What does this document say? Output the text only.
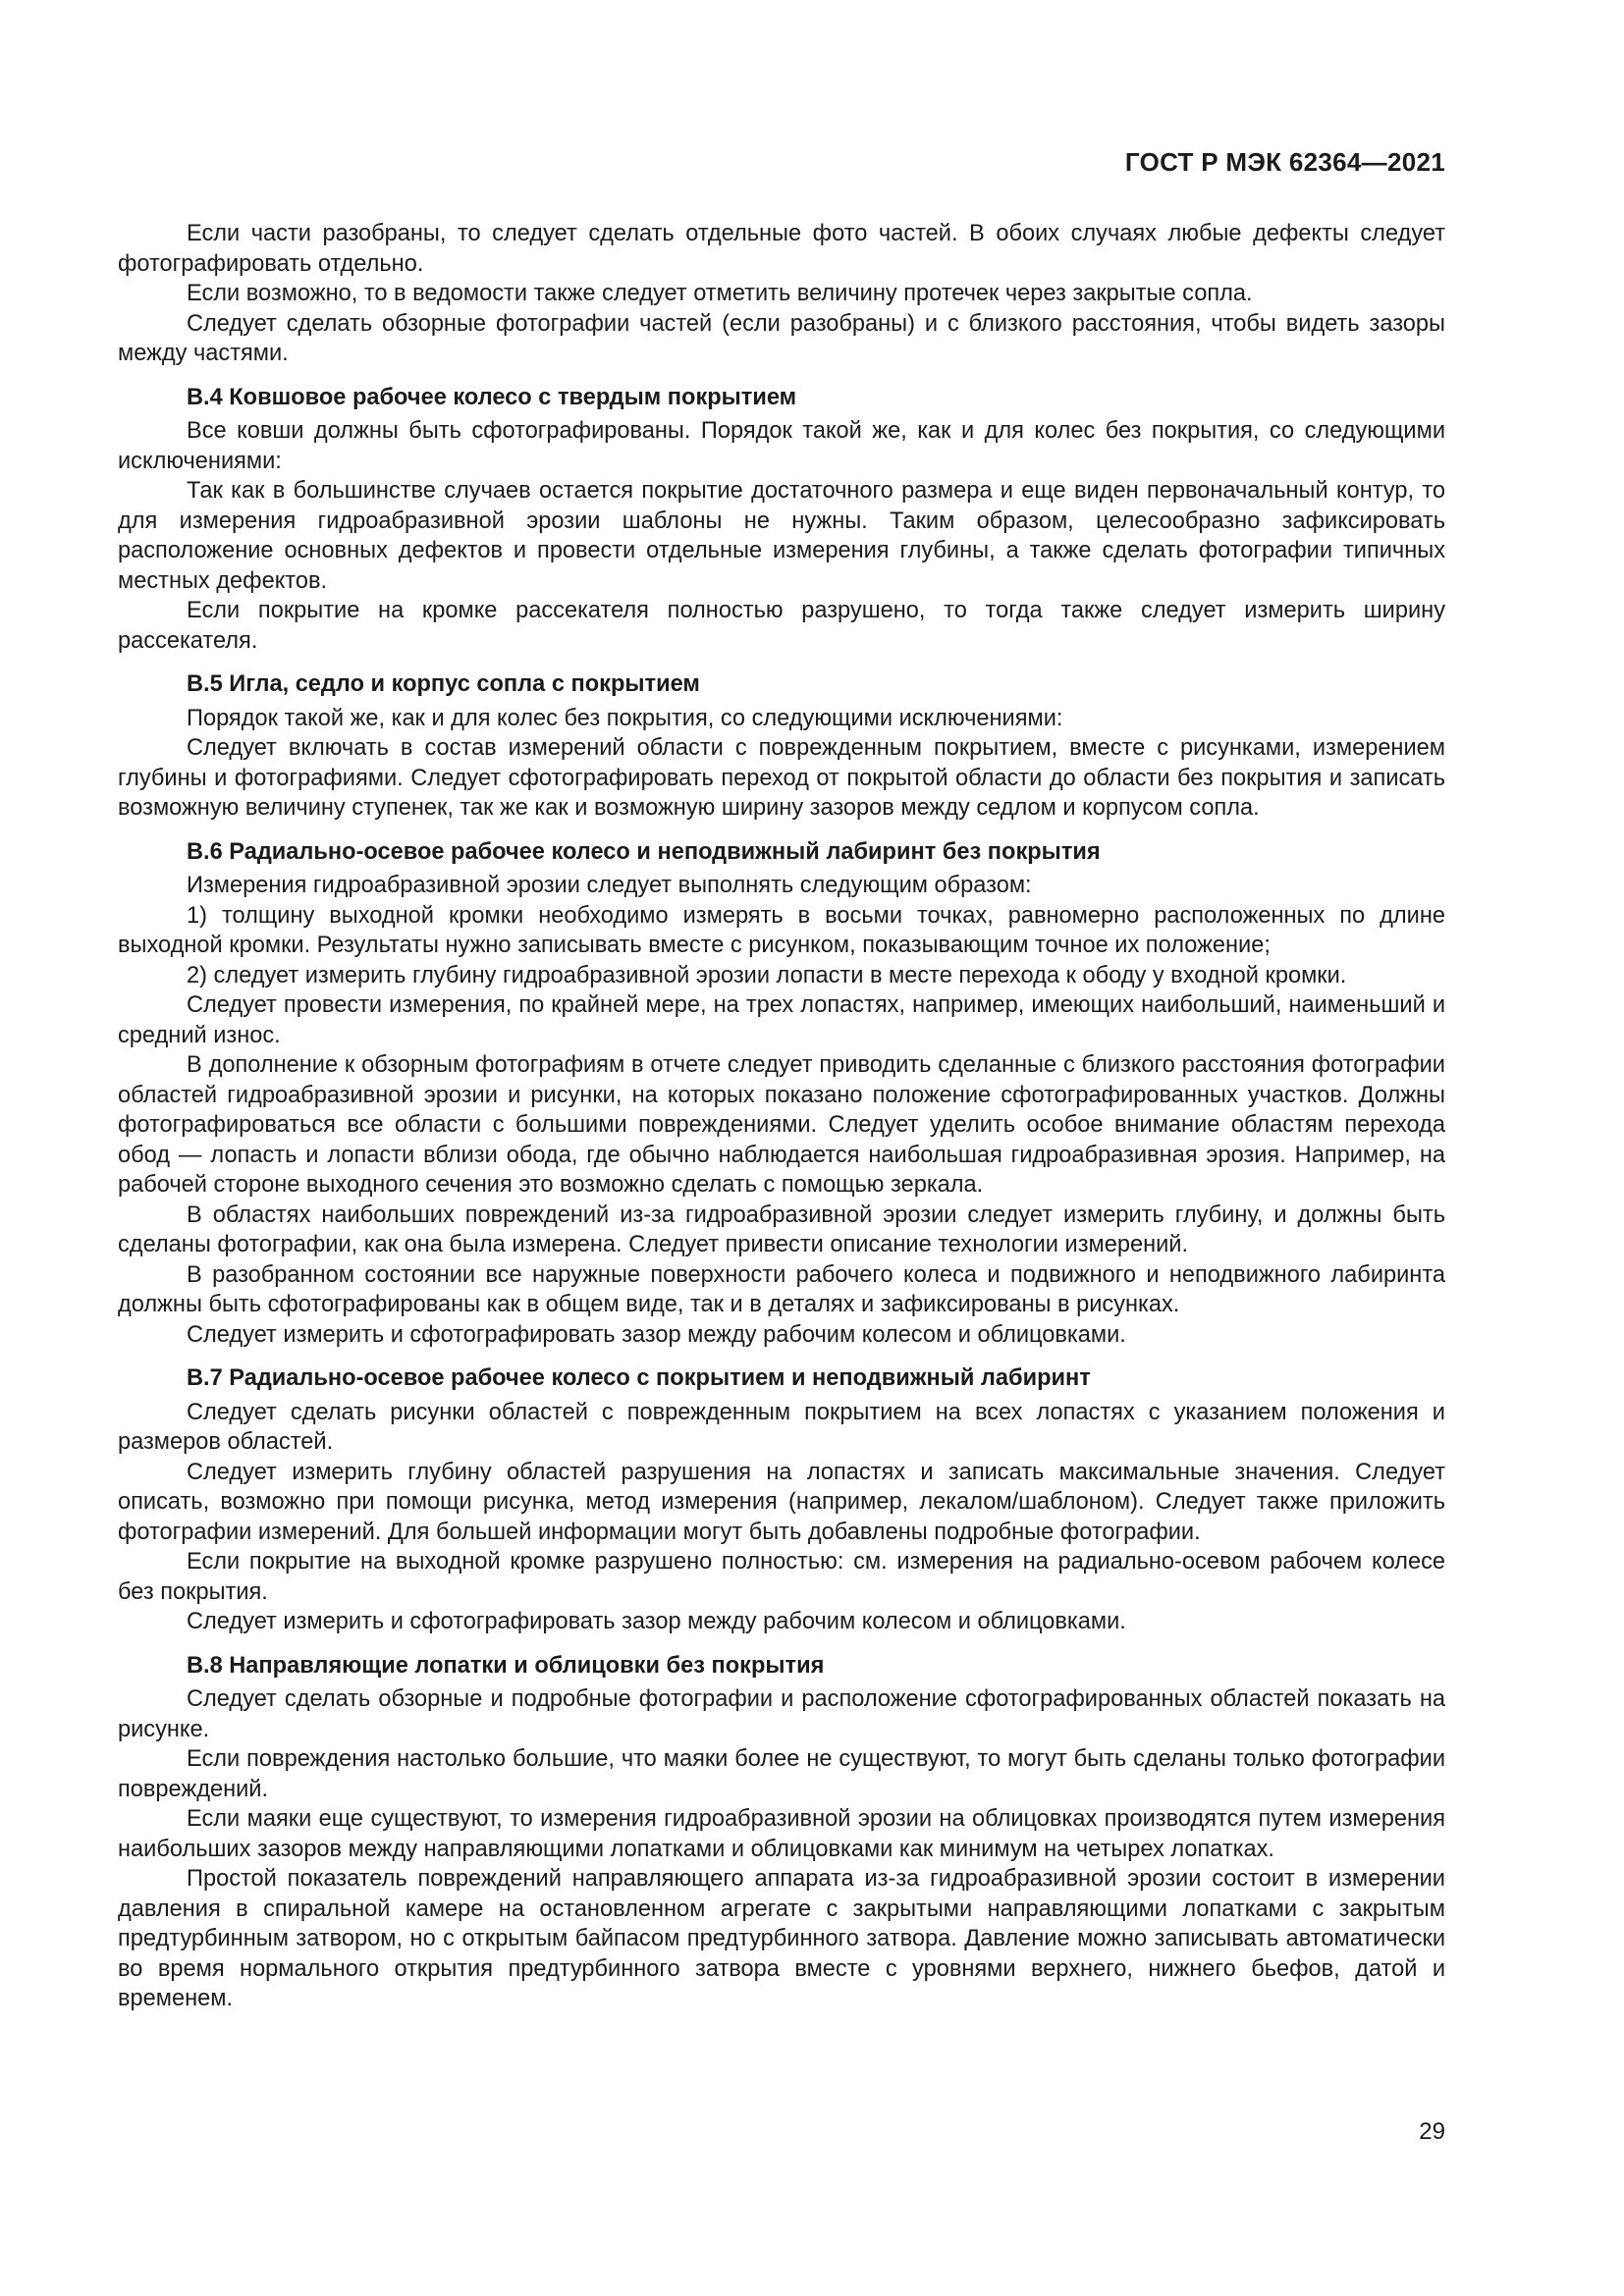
ГОСТ Р МЭК 62364—2021

Если части разобраны, то следует сделать отдельные фото частей. В обоих случаях любые дефекты следует фотографировать отдельно.

Если возможно, то в ведомости также следует отметить величину протечек через закрытые сопла.

Следует сделать обзорные фотографии частей (если разобраны) и с близкого расстояния, чтобы видеть зазоры между частями.

В.4 Ковшовое рабочее колесо с твердым покрытием

Все ковши должны быть сфотографированы. Порядок такой же, как и для колес без покрытия, со следующими исключениями:

Так как в большинстве случаев остается покрытие достаточного размера и еще виден первоначальный контур, то для измерения гидроабразивной эрозии шаблоны не нужны. Таким образом, целесообразно зафиксировать расположение основных дефектов и провести отдельные измерения глубины, а также сделать фотографии типичных местных дефектов.

Если покрытие на кромке рассекателя полностью разрушено, то тогда также следует измерить ширину рассекателя.

В.5 Игла, седло и корпус сопла с покрытием

Порядок такой же, как и для колес без покрытия, со следующими исключениями:

Следует включать в состав измерений области с поврежденным покрытием, вместе с рисунками, измерением глубины и фотографиями. Следует сфотографировать переход от покрытой области до области без покрытия и записать возможную величину ступенек, так же как и возможную ширину зазоров между седлом и корпусом сопла.

В.6 Радиально-осевое рабочее колесо и неподвижный лабиринт без покрытия

Измерения гидроабразивной эрозии следует выполнять следующим образом:

1) толщину выходной кромки необходимо измерять в восьми точках, равномерно расположенных по длине выходной кромки. Результаты нужно записывать вместе с рисунком, показывающим точное их положение;

2) следует измерить глубину гидроабразивной эрозии лопасти в месте перехода к ободу у входной кромки.

Следует провести измерения, по крайней мере, на трех лопастях, например, имеющих наибольший, наименьший и средний износ.

В дополнение к обзорным фотографиям в отчете следует приводить сделанные с близкого расстояния фотографии областей гидроабразивной эрозии и рисунки, на которых показано положение сфотографированных участков. Должны фотографироваться все области с большими повреждениями. Следует уделить особое внимание областям перехода обод — лопасть и лопасти вблизи обода, где обычно наблюдается наибольшая гидроабразивная эрозия. Например, на рабочей стороне выходного сечения это возможно сделать с помощью зеркала.

В областях наибольших повреждений из-за гидроабразивной эрозии следует измерить глубину, и должны быть сделаны фотографии, как она была измерена. Следует привести описание технологии измерений.

В разобранном состоянии все наружные поверхности рабочего колеса и подвижного и неподвижного лабиринта должны быть сфотографированы как в общем виде, так и в деталях и зафиксированы в рисунках.

Следует измерить и сфотографировать зазор между рабочим колесом и облицовками.

В.7 Радиально-осевое рабочее колесо с покрытием и неподвижный лабиринт

Следует сделать рисунки областей с поврежденным покрытием на всех лопастях с указанием положения и размеров областей.

Следует измерить глубину областей разрушения на лопастях и записать максимальные значения. Следует описать, возможно при помощи рисунка, метод измерения (например, лекалом/шаблоном). Следует также приложить фотографии измерений. Для большей информации могут быть добавлены подробные фотографии.

Если покрытие на выходной кромке разрушено полностью: см. измерения на радиально-осевом рабочем колесе без покрытия.

Следует измерить и сфотографировать зазор между рабочим колесом и облицовками.

В.8 Направляющие лопатки и облицовки без покрытия

Следует сделать обзорные и подробные фотографии и расположение сфотографированных областей показать на рисунке.

Если повреждения настолько большие, что маяки более не существуют, то могут быть сделаны только фотографии повреждений.

Если маяки еще существуют, то измерения гидроабразивной эрозии на облицовках производятся путем измерения наибольших зазоров между направляющими лопатками и облицовками как минимум на четырех лопатках.

Простой показатель повреждений направляющего аппарата из-за гидроабразивной эрозии состоит в измерении давления в спиральной камере на остановленном агрегате с закрытыми направляющими лопатками с закрытым предтурбинным затвором, но с открытым байпасом предтурбинного затвора. Давление можно записывать автоматически во время нормального открытия предтурбинного затвора вместе с уровнями верхнего, нижнего бьефов, датой и временем.

29
